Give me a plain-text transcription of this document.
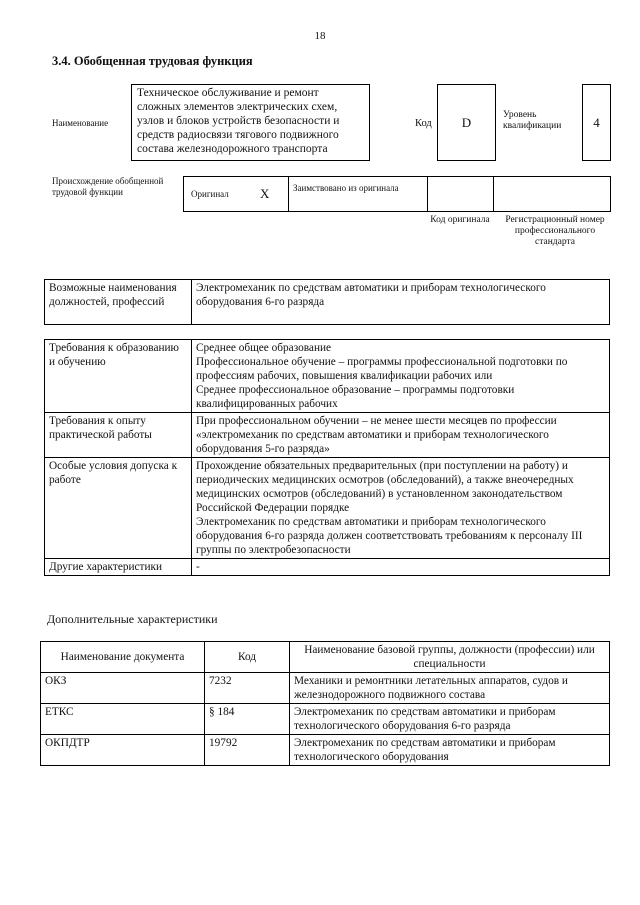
18
3.4. Обобщенная трудовая функция
Наименование
Техническое обслуживание и ремонт сложных элементов электрических схем, узлов и блоков устройств безопасности и средств радиосвязи тягового подвижного состава железнодорожного транспорта
Код	D	Уровень квалификации	4
Происхождение обобщенной трудовой функции	Оригинал X	Заимствовано из оригинала
Код оригинала	Регистрационный номер профессионального стандарта
Возможные наименования должностей, профессий	Электромеханик по средствам автоматики и приборам технологического оборудования 6-го разряда
Требования к образованию и обучению	Среднее общее образование
Профессиональное обучение – программы профессиональной подготовки по профессиям рабочих, повышения квалификации рабочих или
Среднее профессиональное образование – программы подготовки квалифицированных рабочих

Требования к опыту практической работы	При профессиональном обучении – не менее шести месяцев по профессии «электромеханик по средствам автоматики и приборам технологического оборудования 5-го разряда»

Особые условия допуска к работе	Прохождение обязательных предварительных (при поступлении на работу) и периодических медицинских осмотров (обследований), а также внеочередных медицинских осмотров (обследований) в установленном законодательством Российской Федерации порядке
Электромеханик по средствам автоматики и приборам технологического оборудования 6-го разряда должен соответствовать требованиям к персоналу III группы по электробезопасности

Другие характеристики	-
Дополнительные характеристики
Наименование документа	Код	Наименование базовой группы, должности (профессии) или специальности
ОКЗ	7232	Механики и ремонтники летательных аппаратов, судов и железнодорожного подвижного состава
ЕТКС	§ 184	Электромеханик по средствам автоматики и приборам технологического оборудования 6-го разряда
ОКПДТР	19792	Электромеханик по средствам автоматики и приборам технологического оборудования
